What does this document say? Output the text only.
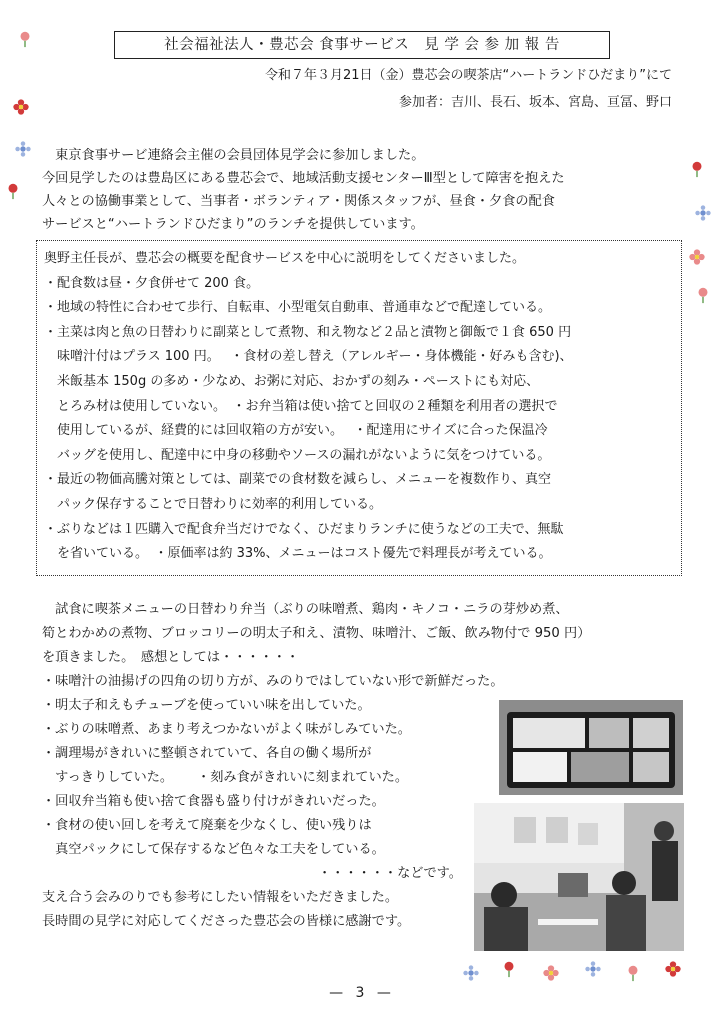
社会福祉法人・豊芯会 食事サービス　見 学 会 参 加 報 告
令和７年３月21日（金）豊芯会の喫茶店“ハートランドひだまり”にて
参加者：吉川、長石、坂本、宮島、亘冨、野口
　東京食事サービ連絡会主催の会員団体見学会に参加しました。
今回見学したのは豊島区にある豊芯会で、地域活動支援センターⅢ型として障害を抱えた
人々との協働事業として、当事者・ボランティア・関係スタッフが、昼食・夕食の配食
サービスと“ハートランドひだまり”のランチを提供しています。
奥野主任長が、豊芯会の概要を配食サービスを中心に説明をしてくださいました。
・配食数は昼・夕食併せて 200 食。
・地域の特性に合わせて歩行、自転車、小型電気自動車、普通車などで配達している。
・主菜は肉と魚の日替わりに副菜として煮物、和え物など２品と漬物と御飯で１食 650 円
　味噌汁付はプラス 100 円。　 ・食材の差し替え（アレルギー・身体機能・好みも含む)、
　米飯基本 150g の多め・少なめ、お粥に対応、おかずの刻み・ペーストにも対応、
　とろみ材は使用していない。　・お弁当箱は使い捨てと回収の２種類を利用者の選択で
　使用しているが、経費的には回収箱の方が安い。　 ・配達用にサイズに合った保温冷
　バッグを使用し、配達中に中身の移動やソースの漏れがないように気をつけている。
・最近の物価高騰対策としては、副菜での食材数を減らし、メニューを複数作り、真空
　パック保存することで日替わりに効率的利用している。
・ぶりなどは１匹購入で配食弁当だけでなく、ひだまりランチに使うなどの工夫で、無駄
　を省いている。　・原価率は約 33%、メニューはコスト優先で料理長が考えている。
　試食に喫茶メニューの日替わり弁当（ぶりの味噌煮、鶏肉・キノコ・ニラの芽炒め煮、
筍とわかめの煮物、ブロッコリーの明太子和え、漬物、味噌汁、ご飯、飲み物付で 950 円）
を頂きました。　感想としては・・・・・・
・味噌汁の油揚げの四角の切り方が、みのりではしていない形で新鮮だった。
・明太子和えもチューブを使っていい味を出していた。
・ぶりの味噌煮、あまり考えつかないがよく味がしみていた。
・調理場がきれいに整頓されていて、各自の働く場所が
　すっきりしていた。　　 ・刻み食がきれいに刻まれていた。
・回収弁当箱も使い捨て食器も盛り付けがきれいだった。
・食材の使い回しを考えて廃棄を少なくし、使い残りは
　真空パックにして保存するなど色々な工夫をしている。
・・・・・・などです。
支え合う会みのりでも参考にしたい情報をいただきました。
長時間の見学に対応してくださった豊芯会の皆様に感謝です。
— 3 —
